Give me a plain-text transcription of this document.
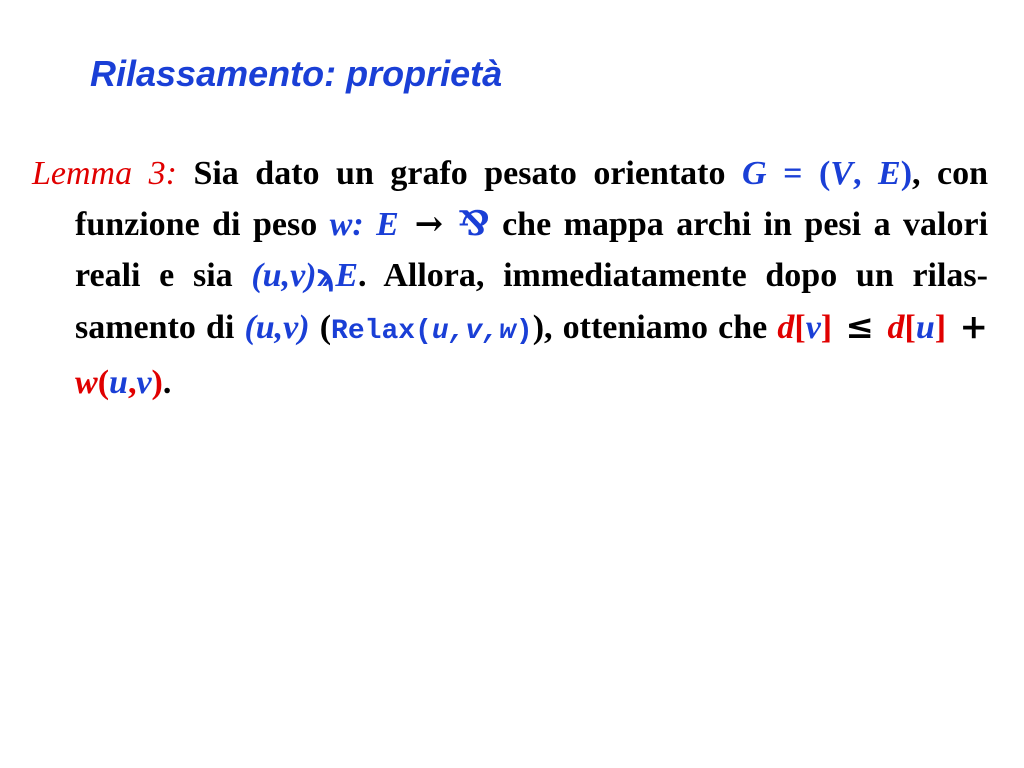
Rilassamento: proprietà

Lemma 3: Sia dato un grafo pesato orientato G = (V, E), con funzione di peso w: E → ⅋ che mappa archi in pesi a valori reali e sia (u,v)ϡE. Allora, immediatamente dopo un rilas-samento di (u,v) (Relax(u,v,w)), otteniamo che d[v] ≤ d[u] + w(u,v).
